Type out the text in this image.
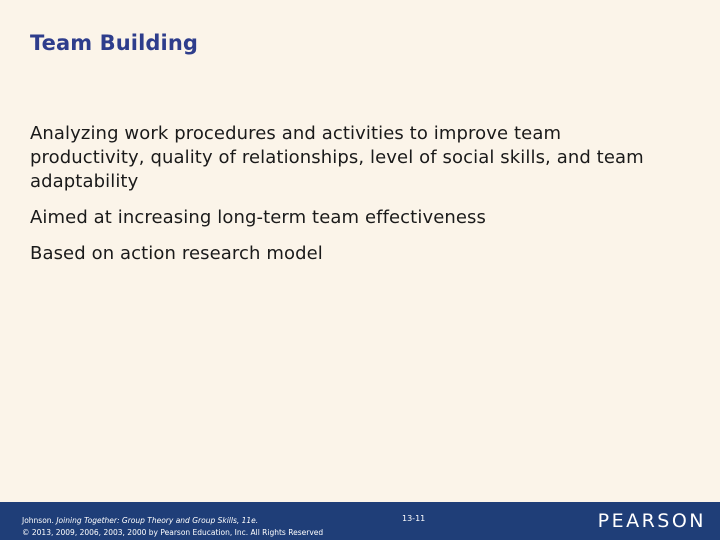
Team Building

Analyzing work procedures and activities to improve team productivity, quality of relationships, level of social skills, and team adaptability

Aimed at increasing long-term team effectiveness

Based on action research model

Johnson. Joining Together: Group Theory and Group Skills, 11e.
© 2013, 2009, 2006, 2003, 2000 by Pearson Education, Inc. All Rights Reserved
13-11	PEARSON
